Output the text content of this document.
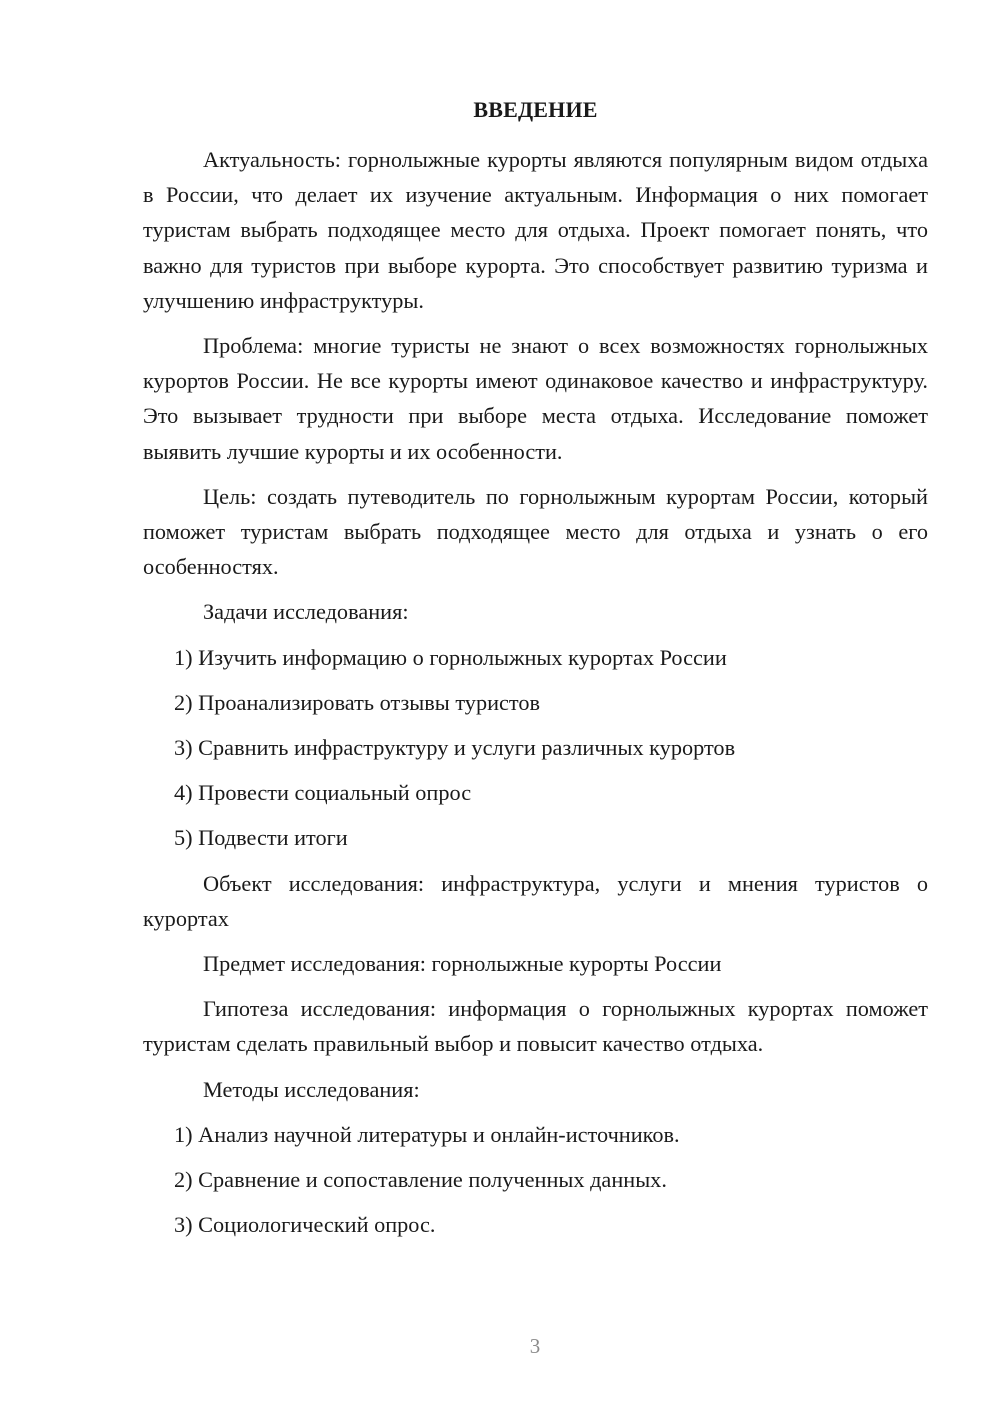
ВВЕДЕНИЕ

Актуальность: горнолыжные курорты являются популярным видом отдыха в России, что делает их изучение актуальным. Информация о них помогает туристам выбрать подходящее место для отдыха. Проект помогает понять, что важно для туристов при выборе курорта. Это способствует развитию туризма и улучшению инфраструктуры.

Проблема: многие туристы не знают о всех возможностях горнолыжных курортов России. Не все курорты имеют одинаковое качество и инфраструктуру. Это вызывает трудности при выборе места отдыха. Исследование поможет выявить лучшие курорты и их особенности.

Цель: создать путеводитель по горнолыжным курортам России, который поможет туристам выбрать подходящее место для отдыха и узнать о его особенностях.

Задачи исследования:

1) Изучить информацию о горнолыжных курортах России
2) Проанализировать отзывы туристов
3) Сравнить инфраструктуру и услуги различных курортов
4) Провести социальный опрос
5) Подвести итоги

Объект исследования: инфраструктура, услуги и мнения туристов о курортах

Предмет исследования: горнолыжные курорты России

Гипотеза исследования: информация о горнолыжных курортах поможет туристам сделать правильный выбор и повысит качество отдыха.

Методы исследования:

1) Анализ научной литературы и онлайн-источников.
2) Сравнение и сопоставление полученных данных.
3) Социологический опрос.
3
